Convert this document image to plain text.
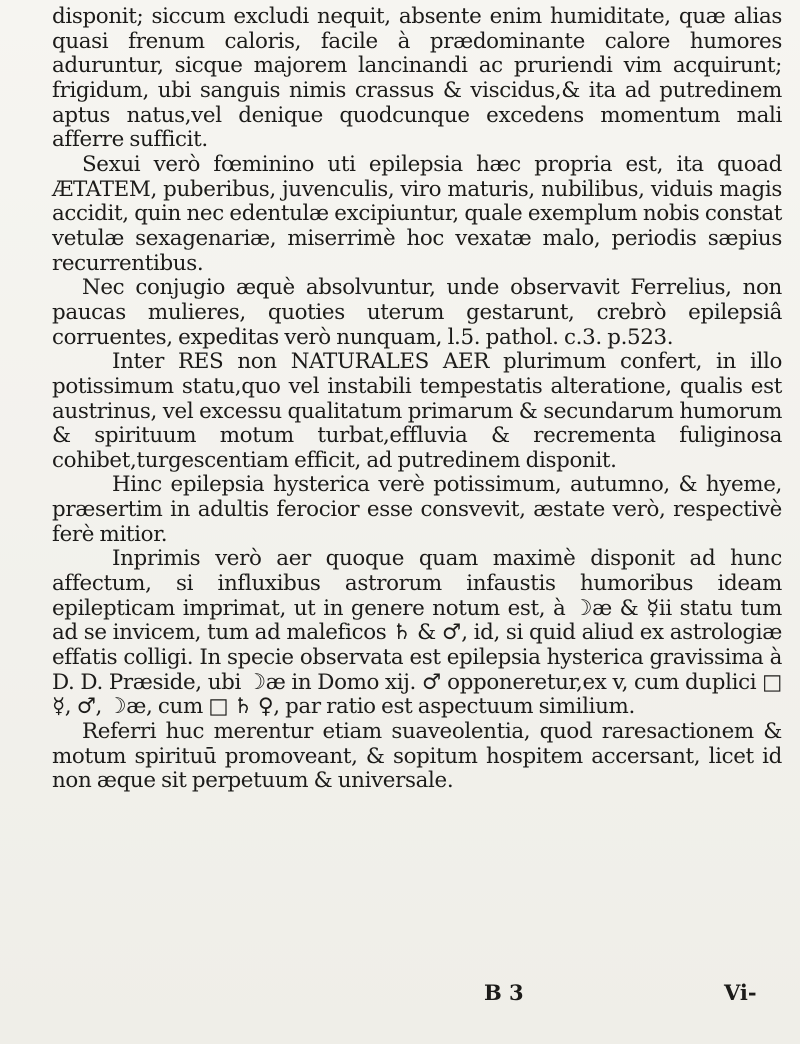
disponit; siccum excludi nequit, absente enim humiditate, quæ alias quasi frenum caloris, facile à prædominante calore humores aduruntur, sicque majorem lancinandi ac pruriendi vim acquirunt; frigidum, ubi sanguis nimis crassus & viscidus,& ita ad putredinem aptus natus,vel denique quodcunque excedens momentum mali afferre sufficit.

Sexui verò fœminino uti epilepsia hæc propria est, ita quoad ÆTATEM, puberibus, juvenculis, viro maturis, nubilibus, viduis magis accidit, quin nec edentulæ excipiuntur, quale exemplum nobis constat vetulæ sexagenariæ, miserrimè hoc vexatæ malo, periodis sæpius recurrentibus.

Nec conjugio æquè absolvuntur, unde observavit Ferrelius, non paucas mulieres, quoties uterum gestarunt, crebrò epilepsiâ corruentes, expeditas verò nunquam, l.5. pathol. c.3. p.523.

Inter RES non NATURALES AER plurimum confert, in illo potissimum statu,quo vel instabili tempestatis alteratione, qualis est austrinus, vel excessu qualitatum primarum & secundarum humorum & spirituum motum turbat,effluvia & recrementa fuliginosa cohibet,turgescentiam efficit, ad putredinem disponit.

Hinc epilepsia hysterica verè potissimum, autumno, & hyeme, præsertim in adultis ferocior esse consvevit, æstate verò, respectivè ferè mitior.

Inprimis verò aer quoque quam maximè disponit ad hunc affectum, si influxibus astrorum infaustis humoribus ideam epilepticam imprimat, ut in genere notum est, à ☽æ & ☿ii statu tum ad se invicem, tum ad maleficos ♄ & ♂, id, si quid aliud ex astrologiæ effatis colligi. In specie observata est epilepsia hysterica gravissima à D. D. Præside, ubi ☽æ in Domo xij. ♂ opponeretur,ex v, cum duplici □ ☿, ♂, ☽æ, cum □ ♄ ♀, par ratio est aspectuum similium.

Referri huc merentur etiam suaveolentia, quod raresactionem & motum spirituū promoveant, & sopitum hospitem accersant, licet id non æque sit perpetuum & universale.

B 3	Vi-
